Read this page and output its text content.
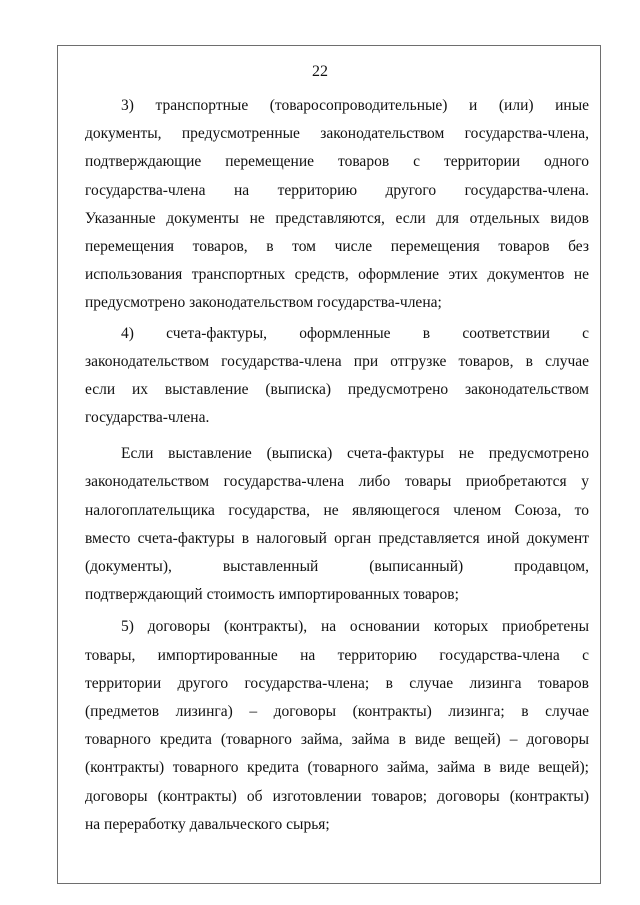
22
3) транспортные (товаросопроводительные) и (или) иные
документы, предусмотренные законодательством государства-члена,
подтверждающие перемещение товаров с территории одного
государства-члена на территорию другого государства-члена.
Указанные документы не представляются, если для отдельных видов
перемещения товаров, в том числе перемещения товаров без
использования транспортных средств, оформление этих документов не
предусмотрено законодательством государства-члена;
4) счета-фактуры, оформленные в соответствии с
законодательством государства-члена при отгрузке товаров, в случае
если их выставление (выписка) предусмотрено законодательством
государства-члена.
Если выставление (выписка) счета-фактуры не предусмотрено
законодательством государства-члена либо товары приобретаются у
налогоплательщика государства, не являющегося членом Союза, то
вместо счета-фактуры в налоговый орган представляется иной документ
(документы), выставленный (выписанный) продавцом,
подтверждающий стоимость импортированных товаров;
5) договоры (контракты), на основании которых приобретены
товары, импортированные на территорию государства-члена с
территории другого государства-члена; в случае лизинга товаров
(предметов лизинга) – договоры (контракты) лизинга; в случае
товарного кредита (товарного займа, займа в виде вещей) – договоры
(контракты) товарного кредита (товарного займа, займа в виде вещей);
договоры (контракты) об изготовлении товаров; договоры (контракты)
на переработку давальческого сырья;
